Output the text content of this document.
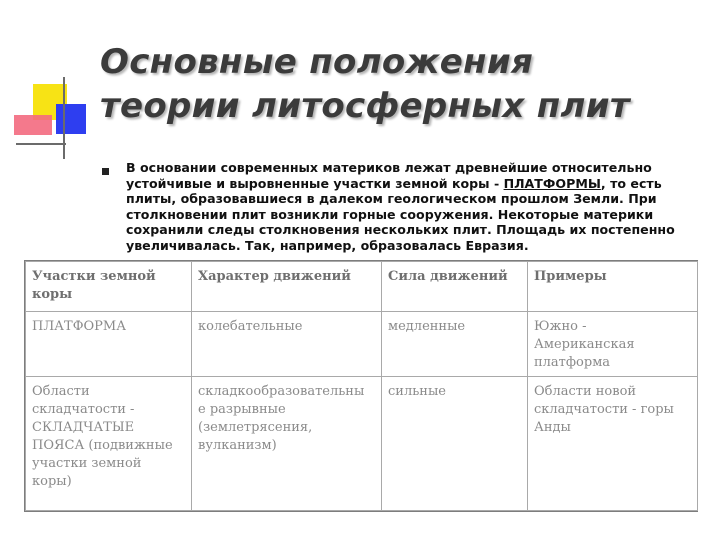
Основные положения
теории литосферных плит

В основании современных материков лежат древнейшие относительно устойчивые и выровненные участки земной коры - ПЛАТФОРМЫ, то есть плиты, образовавшиеся в далеком геологическом прошлом Земли. При столкновении плит возникли горные сооружения. Некоторые материки сохранили следы столкновения нескольких плит. Площадь их постепенно увеличивалась. Так, например, образовалась Евразия.

Участки земной коры	Характер движений	Сила движений	Примеры
ПЛАТФОРМА	колебательные	медленные	Южно - Американская платформа
Области складчатости - СКЛАДЧАТЫЕ ПОЯСА (подвижные участки земной коры)	складкообразовательны е разрывные (землетрясения, вулканизм)	сильные	Области новой складчатости - горы Анды
